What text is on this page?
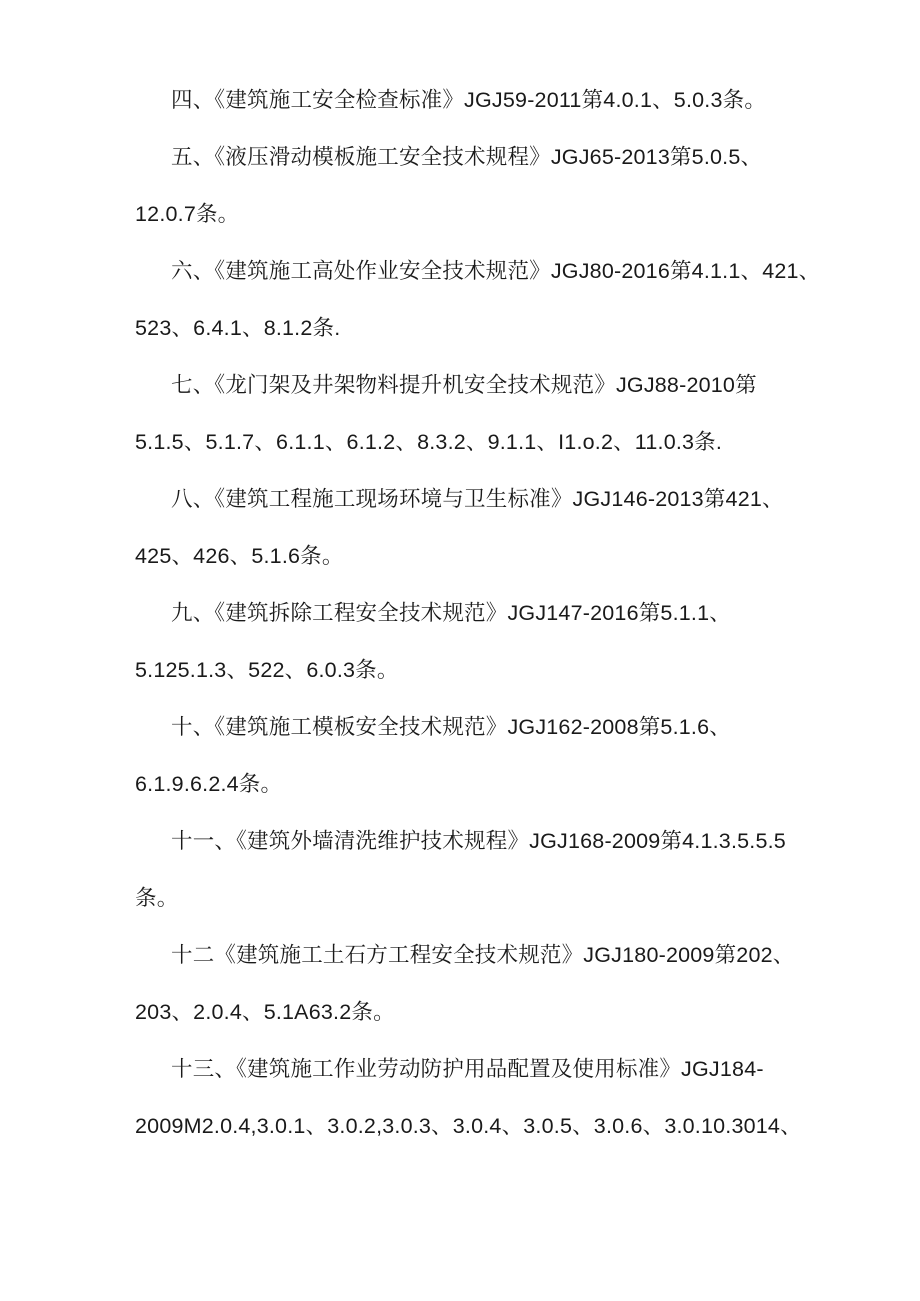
四、《建筑施工安全检查标准》JGJ59-2011第4.0.1、5.0.3条。

五、《液压滑动模板施工安全技术规程》JGJ65-2013第5.0.5、
12.0.7条。

六、《建筑施工高处作业安全技术规范》JGJ80-2016第4.1.1、421、
523、6.4.1、8.1.2条.

七、《龙门架及井架物料提升机安全技术规范》JGJ88-2010第
5.1.5、5.1.7、6.1.1、6.1.2、8.3.2、9.1.1、I1.o.2、11.0.3条.

八、《建筑工程施工现场环境与卫生标准》JGJ146-2013第421、
425、426、5.1.6条。

九、《建筑拆除工程安全技术规范》JGJ147-2016第5.1.1、
5.125.1.3、522、6.0.3条。

十、《建筑施工模板安全技术规范》JGJ162-2008第5.1.6、
6.1.9.6.2.4条。

十一、《建筑外墙清洗维护技术规程》JGJ168-2009第4.1.3.5.5.5
条。

十二《建筑施工土石方工程安全技术规范》JGJ180-2009第202、
203、2.0.4、5.1A63.2条。

十三、《建筑施工作业劳动防护用品配置及使用标准》JGJ184-
2009M2.0.4,3.0.1、3.0.2,3.0.3、3.0.4、3.0.5、3.0.6、3.0.10.3014、
